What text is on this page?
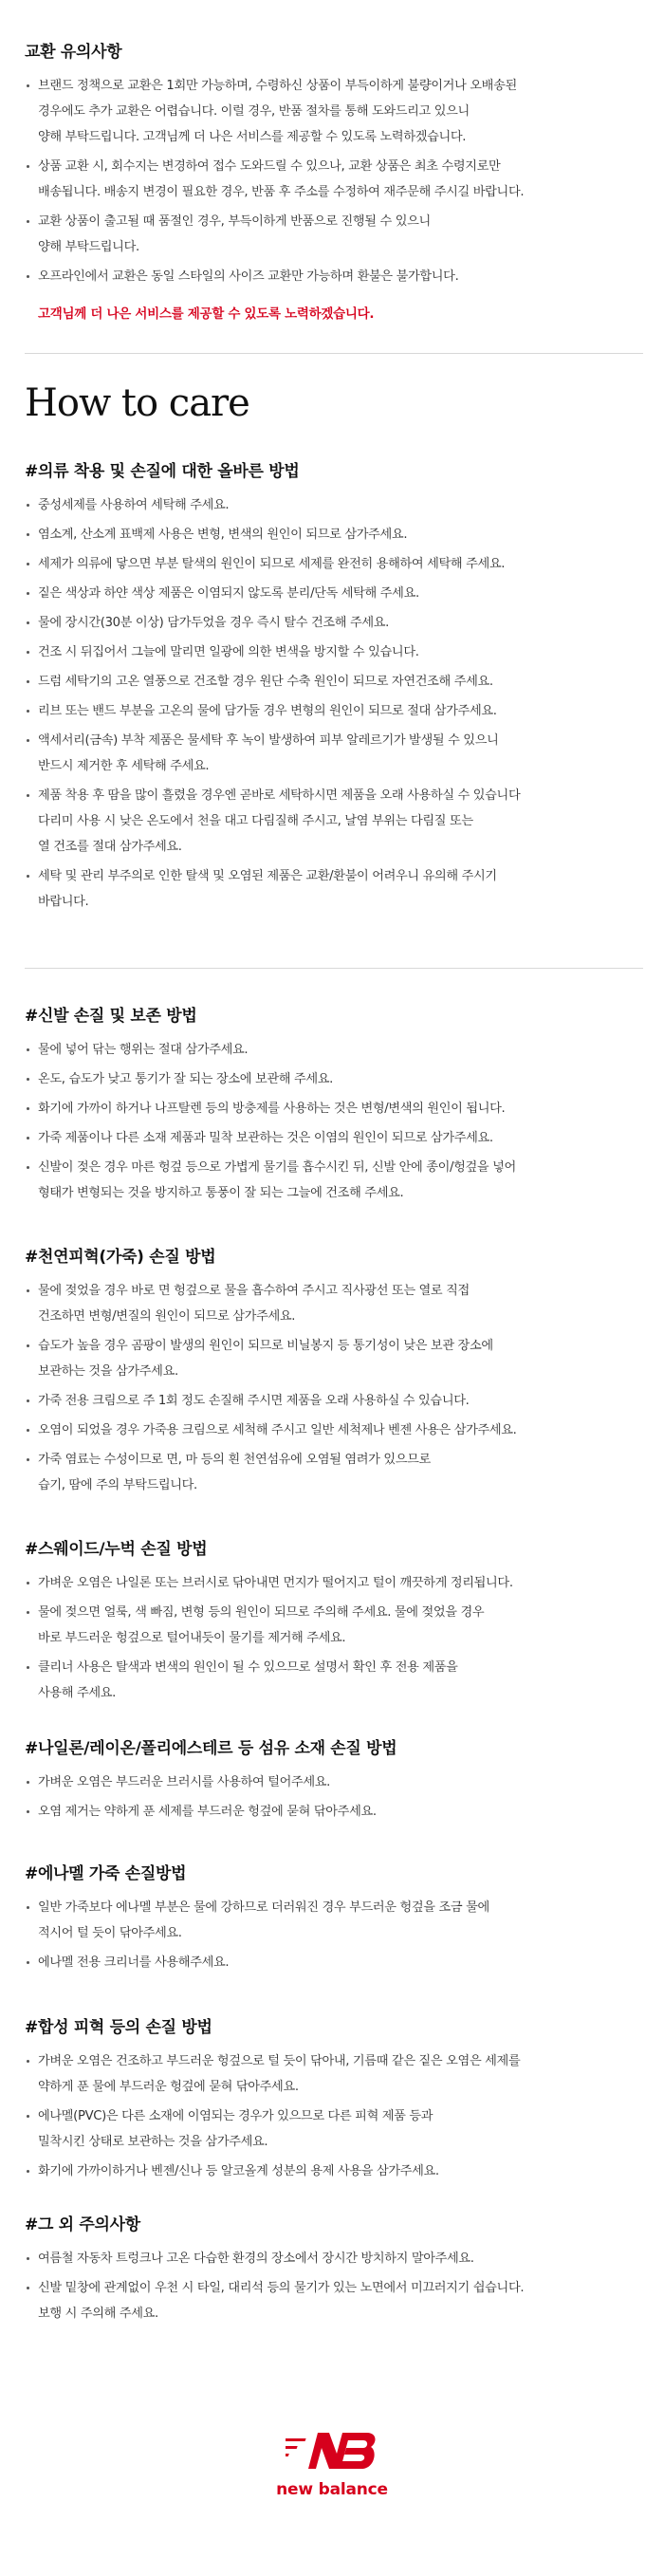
교환 유의사항
브랜드 정책으로 교환은 1회만 가능하며, 수령하신 상품이 부득이하게 불량이거나 오배송된
경우에도 추가 교환은 어렵습니다. 이럴 경우, 반품 절차를 통해 도와드리고 있으니
양해 부탁드립니다. 고객님께 더 나은 서비스를 제공할 수 있도록 노력하겠습니다.
상품 교환 시, 회수지는 변경하여 접수 도와드릴 수 있으나, 교환 상품은 최초 수령지로만
배송됩니다. 배송지 변경이 필요한 경우, 반품 후 주소를 수정하여 재주문해 주시길 바랍니다.
교환 상품이 출고될 때 품절인 경우, 부득이하게 반품으로 진행될 수 있으니
양해 부탁드립니다.
오프라인에서 교환은 동일 스타일의 사이즈 교환만 가능하며 환불은 불가합니다.
고객님께 더 나은 서비스를 제공할 수 있도록 노력하겠습니다.
How to care
#의류 착용 및 손질에 대한 올바른 방법
중성세제를 사용하여 세탁해 주세요.
염소계, 산소계 표백제 사용은 변형, 변색의 원인이 되므로 삼가주세요.
세제가 의류에 닿으면 부분 탈색의 원인이 되므로 세제를 완전히 용해하여 세탁해 주세요.
짙은 색상과 하얀 색상 제품은 이염되지 않도록 분리/단독 세탁해 주세요.
물에 장시간(30분 이상) 담가두었을 경우 즉시 탈수 건조해 주세요.
건조 시 뒤집어서 그늘에 말리면 일광에 의한 변색을 방지할 수 있습니다.
드럼 세탁기의 고온 열풍으로 건조할 경우 원단 수축 원인이 되므로 자연건조해 주세요.
리브 또는 밴드 부분을 고온의 물에 담가둘 경우 변형의 원인이 되므로 절대 삼가주세요.
액세서리(금속) 부착 제품은 물세탁 후 녹이 발생하여 피부 알레르기가 발생될 수 있으니
반드시 제거한 후 세탁해 주세요.
제품 착용 후 땀을 많이 흘렸을 경우엔 곧바로 세탁하시면 제품을 오래 사용하실 수 있습니다
다리미 사용 시 낮은 온도에서 천을 대고 다림질해 주시고, 날염 부위는 다림질 또는
열 건조를 절대 삼가주세요.
세탁 및 관리 부주의로 인한 탈색 및 오염된 제품은 교환/환불이 어려우니 유의해 주시기
바랍니다.
#신발 손질 및 보존 방법
물에 넣어 닦는 행위는 절대 삼가주세요.
온도, 습도가 낮고 통기가 잘 되는 장소에 보관해 주세요.
화기에 가까이 하거나 나프탈렌 등의 방충제를 사용하는 것은 변형/변색의 원인이 됩니다.
가죽 제품이나 다른 소재 제품과 밀착 보관하는 것은 이염의 원인이 되므로 삼가주세요.
신발이 젖은 경우 마른 헝겊 등으로 가볍게 물기를 흡수시킨 뒤, 신발 안에 종이/헝겊을 넣어
형태가 변형되는 것을 방지하고 통풍이 잘 되는 그늘에 건조해 주세요.
#천연피혁(가죽) 손질 방법
물에 젖었을 경우 바로 면 헝겊으로 물을 흡수하여 주시고 직사광선 또는 열로 직접
건조하면 변형/변질의 원인이 되므로 삼가주세요.
습도가 높을 경우 곰팡이 발생의 원인이 되므로 비닐봉지 등 통기성이 낮은 보관 장소에
보관하는 것을 삼가주세요.
가죽 전용 크림으로 주 1회 정도 손질해 주시면 제품을 오래 사용하실 수 있습니다.
오염이 되었을 경우 가죽용 크림으로 세척해 주시고 일반 세척제나 벤젠 사용은 삼가주세요.
가죽 염료는 수성이므로 면, 마 등의 흰 천연섬유에 오염될 염려가 있으므로
습기, 땀에 주의 부탁드립니다.
#스웨이드/누벅 손질 방법
가벼운 오염은 나일론 또는 브러시로 닦아내면 먼지가 떨어지고 털이 깨끗하게 정리됩니다.
물에 젖으면 얼룩, 색 빠짐, 변형 등의 원인이 되므로 주의해 주세요. 물에 젖었을 경우
바로 부드러운 헝겊으로 털어내듯이 물기를 제거해 주세요.
클리너 사용은 탈색과 변색의 원인이 될 수 있으므로 설명서 확인 후 전용 제품을
사용해 주세요.
#나일론/레이온/폴리에스테르 등 섬유 소재 손질 방법
가벼운 오염은 부드러운 브러시를 사용하여 털어주세요.
오염 제거는 약하게 푼 세제를 부드러운 헝겊에 묻혀 닦아주세요.
#에나멜 가죽 손질방법
일반 가죽보다 에나멜 부분은 물에 강하므로 더러워진 경우 부드러운 헝겊을 조금 물에
적시어 털 듯이 닦아주세요.
에나멜 전용 크리너를 사용해주세요.
#합성 피혁 등의 손질 방법
가벼운 오염은 건조하고 부드러운 헝겊으로 털 듯이 닦아내, 기름때 같은 짙은 오염은 세제를
약하게 푼 물에 부드러운 헝겊에 묻혀 닦아주세요.
에나멜(PVC)은 다른 소재에 이염되는 경우가 있으므로 다른 피혁 제품 등과
밀착시킨 상태로 보관하는 것을 삼가주세요.
화기에 가까이하거나 벤젠/신나 등 알코올계 성분의 용제 사용을 삼가주세요.
#그 외 주의사항
여름철 자동차 트렁크나 고온 다습한 환경의 장소에서 장시간 방치하지 말아주세요.
신발 밑창에 관계없이 우천 시 타일, 대리석 등의 물기가 있는 노면에서 미끄러지기 쉽습니다.
보행 시 주의해 주세요.
new balance
